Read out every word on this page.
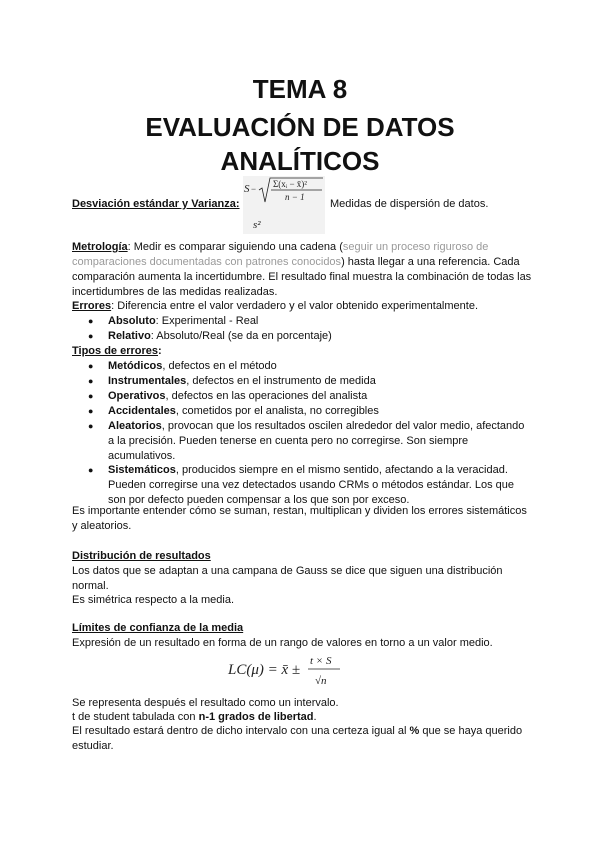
TEMA 8
EVALUACIÓN DE DATOS
ANALÍTICOS
Desviación estándar y Varianza:
S − Σ(xᵢ − x̄)²
n − 1
s²
Medidas de dispersión de datos.
Metrología: Medir es comparar siguiendo una cadena (seguir un proceso riguroso de comparaciones documentadas con patrones conocidos) hasta llegar a una referencia. Cada comparación aumenta la incertidumbre. El resultado final muestra la combinación de todas las incertidumbres de las medidas realizadas.
Errores: Diferencia entre el valor verdadero y el valor obtenido experimentalmente.
● Absoluto: Experimental - Real
● Relativo: Absoluto/Real (se da en porcentaje)
Tipos de errores:
● Metódicos, defectos en el método
● Instrumentales, defectos en el instrumento de medida
● Operativos, defectos en las operaciones del analista
● Accidentales, cometidos por el analista, no corregibles
● Aleatorios, provocan que los resultados oscilen alrededor del valor medio, afectando a la precisión. Pueden tenerse en cuenta pero no corregirse. Son siempre acumulativos.
● Sistemáticos, producidos siempre en el mismo sentido, afectando a la veracidad. Pueden corregirse una vez detectados usando CRMs o métodos estándar. Los que son por defecto pueden compensar a los que son por exceso.
Es importante entender cómo se suman, restan, multiplican y dividen los errores sistemáticos y aleatorios.
Distribución de resultados
Los datos que se adaptan a una campana de Gauss se dice que siguen una distribución normal.
Es simétrica respecto a la media.
Límites de confianza de la media
Expresión de un resultado en forma de un rango de valores en torno a un valor medio.
LC(μ) = x̄ ±
t × S
√n
Se representa después el resultado como un intervalo.
t de student tabulada con n-1 grados de libertad.
El resultado estará dentro de dicho intervalo con una certeza igual al % que se haya querido estudiar.
